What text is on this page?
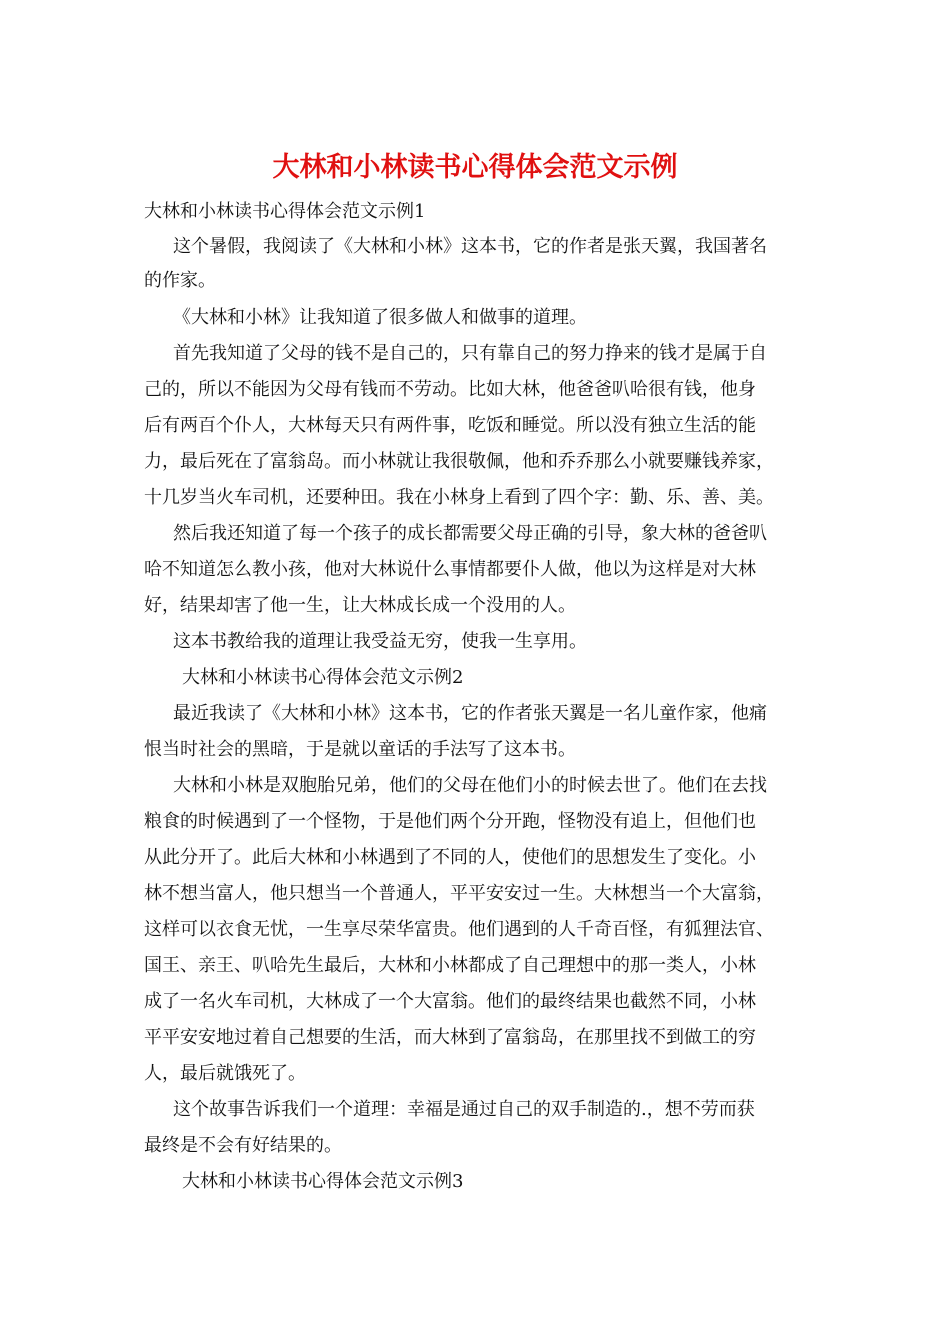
大林和小林读书心得体会范文示例
大林和小林读书心得体会范文示例1
这个暑假，我阅读了《大林和小林》这本书，它的作者是张天翼，我国著名
的作家。
《大林和小林》让我知道了很多做人和做事的道理。
首先我知道了父母的钱不是自己的，只有靠自己的努力挣来的钱才是属于自
己的，所以不能因为父母有钱而不劳动。比如大林，他爸爸叭哈很有钱，他身
后有两百个仆人，大林每天只有两件事，吃饭和睡觉。所以没有独立生活的能
力，最后死在了富翁岛。而小林就让我很敬佩，他和乔乔那么小就要赚钱养家，
十几岁当火车司机，还要种田。我在小林身上看到了四个字：勤、乐、善、美。
然后我还知道了每一个孩子的成长都需要父母正确的引导，象大林的爸爸叭
哈不知道怎么教小孩，他对大林说什么事情都要仆人做，他以为这样是对大林
好，结果却害了他一生，让大林成长成一个没用的人。
这本书教给我的道理让我受益无穷，使我一生享用。
大林和小林读书心得体会范文示例2
最近我读了《大林和小林》这本书，它的作者张天翼是一名儿童作家，他痛
恨当时社会的黑暗，于是就以童话的手法写了这本书。
大林和小林是双胞胎兄弟，他们的父母在他们小的时候去世了。他们在去找
粮食的时候遇到了一个怪物，于是他们两个分开跑，怪物没有追上，但他们也
从此分开了。此后大林和小林遇到了不同的人，使他们的思想发生了变化。小
林不想当富人，他只想当一个普通人，平平安安过一生。大林想当一个大富翁，
这样可以衣食无忧，一生享尽荣华富贵。他们遇到的人千奇百怪，有狐狸法官、
国王、亲王、叭哈先生最后，大林和小林都成了自己理想中的那一类人，小林
成了一名火车司机，大林成了一个大富翁。他们的最终结果也截然不同，小林
平平安安地过着自己想要的生活，而大林到了富翁岛，在那里找不到做工的穷
人，最后就饿死了。
这个故事告诉我们一个道理：幸福是通过自己的双手制造的.，想不劳而获
最终是不会有好结果的。
大林和小林读书心得体会范文示例3
